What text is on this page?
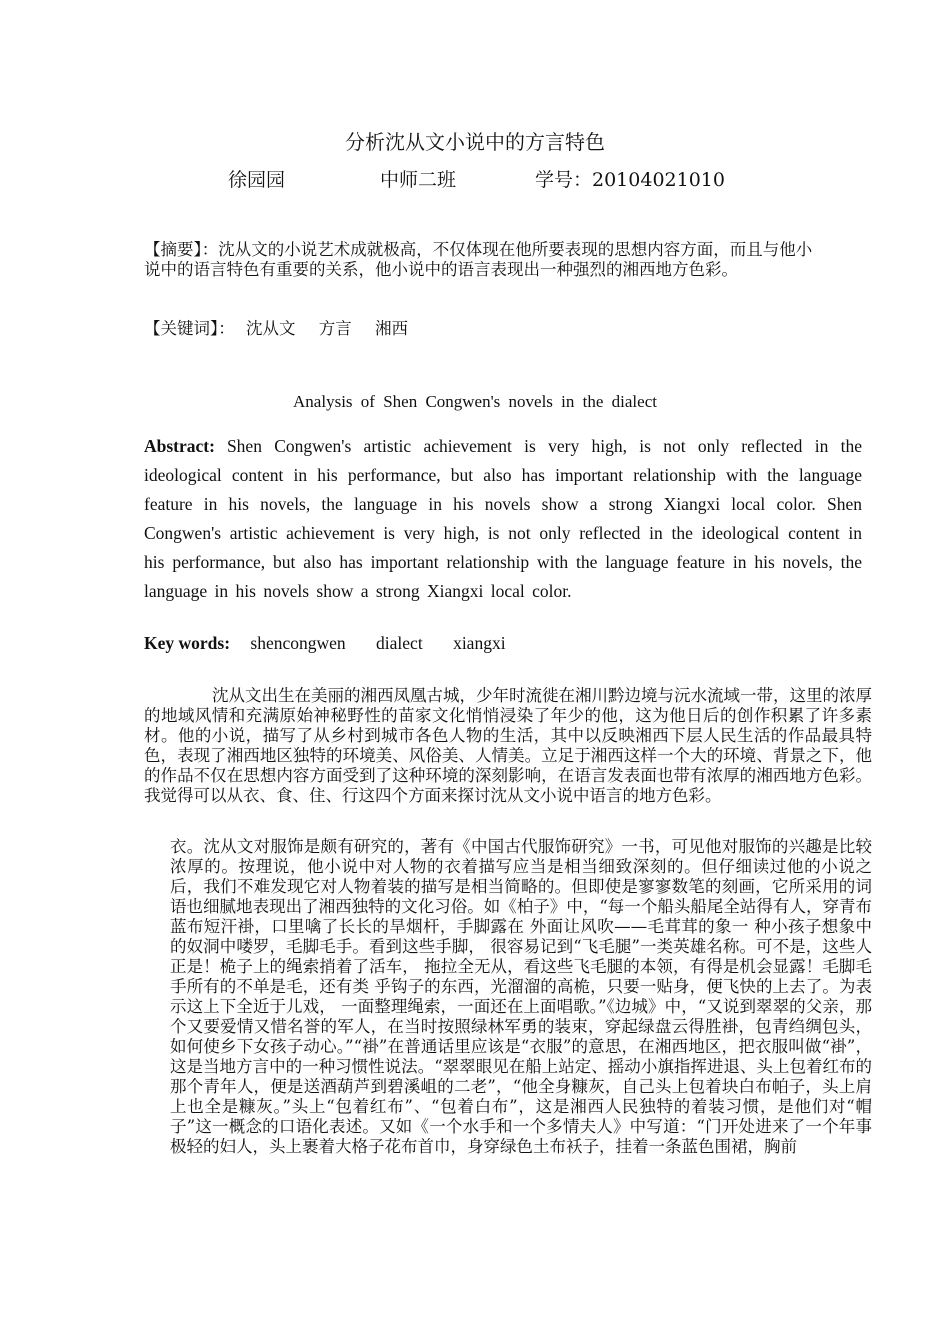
分析沈从文小说中的方言特色
徐园园	中师二班	学号：20104021010
【摘要】：沈从文的小说艺术成就极高，不仅体现在他所要表现的思想内容方面，而且与他小说中的语言特色有重要的关系，他小说中的语言表现出一种强烈的湘西地方色彩。
【关键词】： 沈从文 方言 湘西
Analysis of Shen Congwen's novels in the dialect
Abstract: Shen Congwen's artistic achievement is very high, is not only reflected in the ideological content in his performance, but also has important relationship with the language feature in his novels, the language in his novels show a strong Xiangxi local color. Shen Congwen's artistic achievement is very high, is not only reflected in the ideological content in his performance, but also has important relationship with the language feature in his novels, the language in his novels show a strong Xiangxi local color.
Key words: shencongwen dialect xiangxi
沈从文出生在美丽的湘西凤凰古城，少年时流徙在湘川黔边境与沅水流域一带，这里的浓厚的地域风情和充满原始神秘野性的苗家文化悄悄浸染了年少的他，这为他日后的创作积累了许多素材。他的小说，描写了从乡村到城市各色人物的生活，其中以反映湘西下层人民生活的作品最具特色，表现了湘西地区独特的环境美、风俗美、人情美。立足于湘西这样一个大的环境、背景之下，他的作品不仅在思想内容方面受到了这种环境的深刻影响，在语言发表面也带有浓厚的湘西地方色彩。我觉得可以从衣、食、住、行这四个方面来探讨沈从文小说中语言的地方色彩。
衣。沈从文对服饰是颇有研究的，著有《中国古代服饰研究》一书，可见他对服饰的兴趣是比较浓厚的。按理说，他小说中对人物的衣着描写应当是相当细致深刻的。但仔细读过他的小说之后，我们不难发现它对人物着装的描写是相当简略的。但即使是寥寥数笔的刻画，它所采用的词语也细腻地表现出了湘西独特的文化习俗。如《柏子》中，“每一个船头船尾全站得有人，穿青布蓝布短汗褂，口里噙了长长的旱烟杆，手脚露在 外面让风吹——毛茸茸的象一 种小孩子想象中的奴洞中喽罗，毛脚毛手。看到这些手脚， 很容易记到“飞毛腿”一类英雄名称。可不是，这些人正是！桅子上的绳索捎着了活车， 拖拉全无从，看这些飞毛腿的本领，有得是机会显露！毛脚毛手所有的不单是毛，还有类 乎钩子的东西，光溜溜的高桅，只要一贴身，便飞快的上去了。为表示这上下全近于儿戏， 一面整理绳索，一面还在上面唱歌。”《边城》中，“又说到翠翠的父亲，那个又要爱情又惜名誉的军人，在当时按照绿林军勇的装束，穿起绿盘云得胜褂，包青绉绸包头，如何使乡下女孩子动心。”“褂”在普通话里应该是“衣服”的意思，在湘西地区，把衣服叫做“褂”，这是当地方言中的一种习惯性说法。“翠翠眼见在船上站定、摇动小旗指挥进退、头上包着红布的那个青年人，便是送酒葫芦到碧溪岨的二老”，“他全身糠灰，自己头上包着块白布帕子，头上肩上也全是糠灰。”头上“包着红布”、“包着白布”，这是湘西人民独特的着装习惯，是他们对“帽子”这一概念的口语化表述。又如《一个水手和一个多情夫人》中写道：“门开处进来了一个年事极轻的妇人，头上裹着大格子花布首巾，身穿绿色土布袄子，挂着一条蓝色围裙，胸前
